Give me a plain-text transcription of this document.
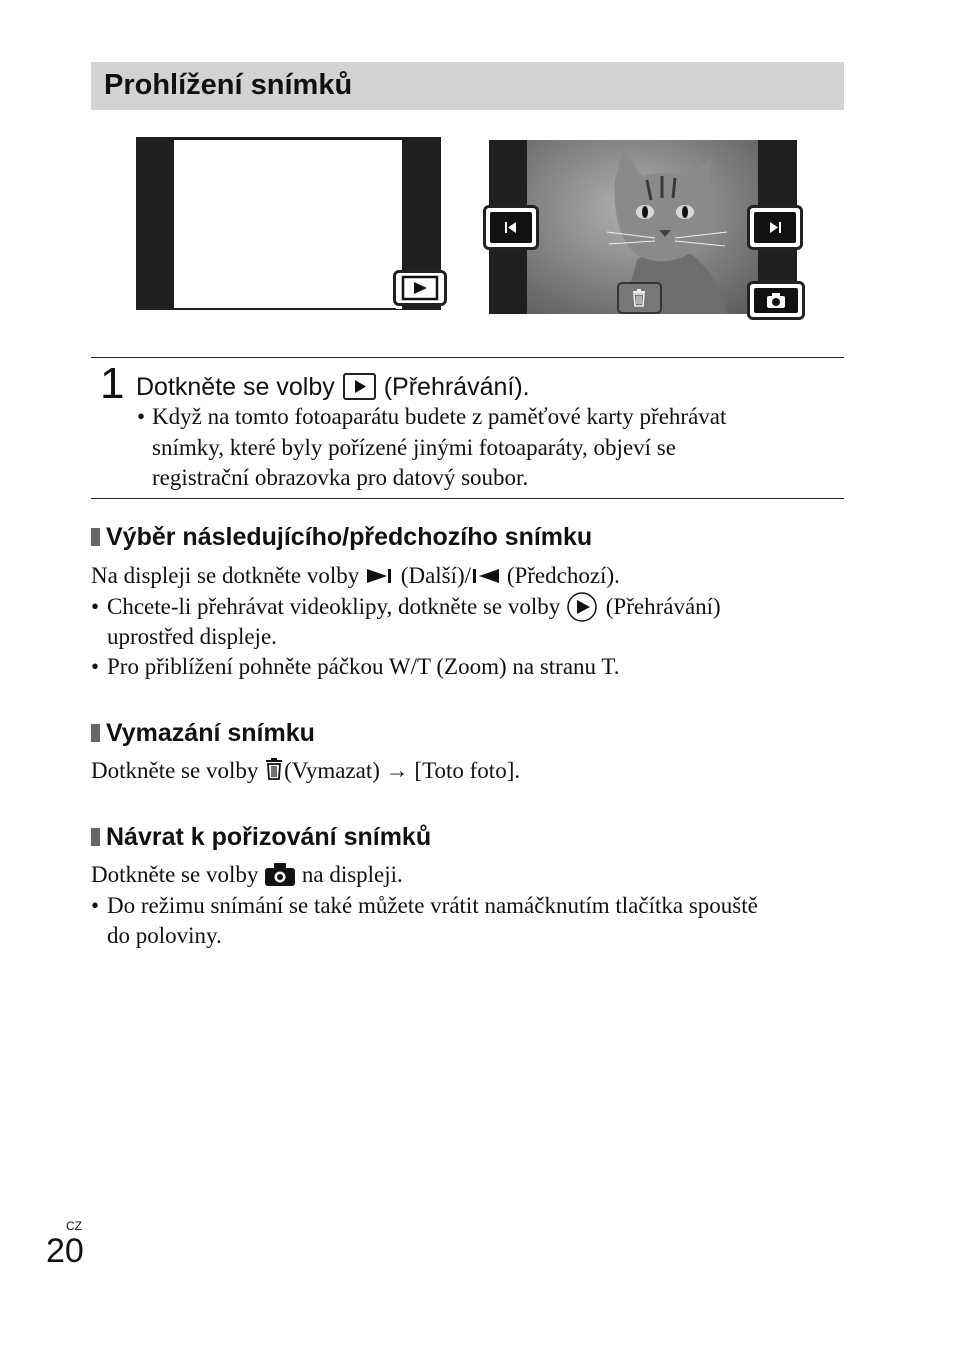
Prohlížení snímků
1 Dotkněte se volby (Přehrávání).
• Když na tomto fotoaparátu budete z paměťové karty přehrávat
snímky, které byly pořízené jinými fotoaparáty, objeví se
registrační obrazovka pro datový soubor.
Výběr následujícího/předchozího snímku
Na displeji se dotkněte volby (Další)/ (Předchozí).
• Chcete-li přehrávat videoklipy, dotkněte se volby (Přehrávání)
uprostřed displeje.
• Pro přiblížení pohněte páčkou W/T (Zoom) na stranu T.
Vymazání snímku
Dotkněte se volby (Vymazat) → [Toto foto].
Návrat k pořizování snímků
Dotkněte se volby na displeji.
• Do režimu snímání se také můžete vrátit namáčknutím tlačítka spouště
do poloviny.
CZ
20
